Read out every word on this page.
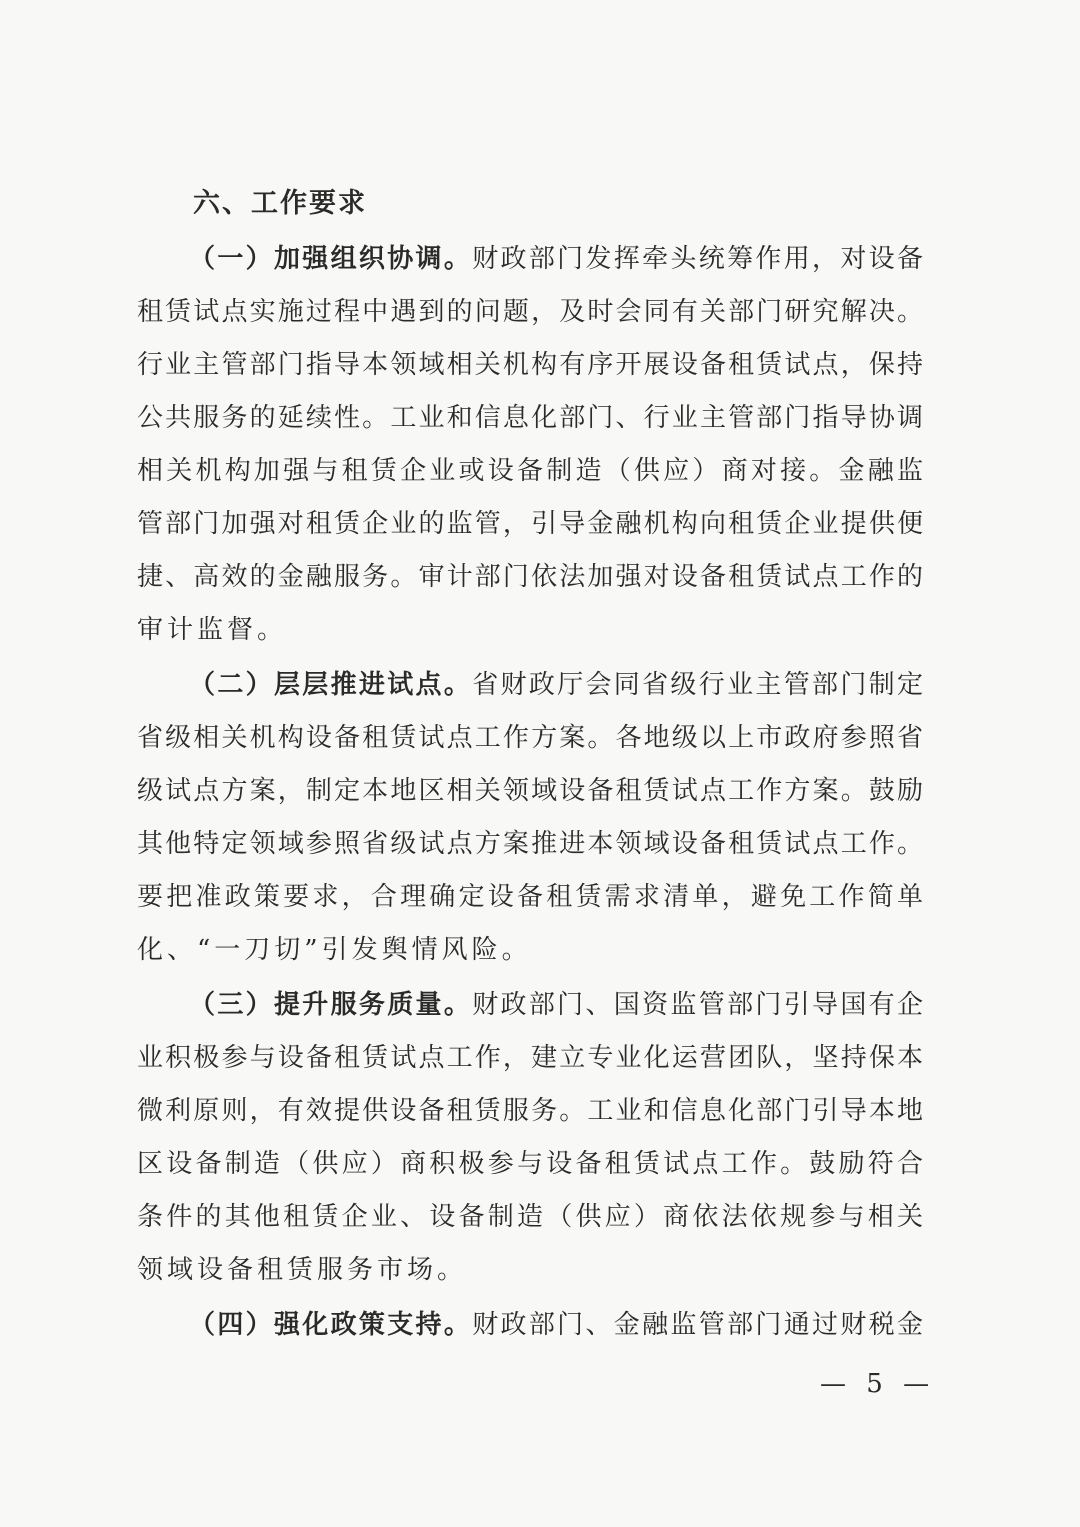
六、工作要求
（一）加强组织协调。财政部门发挥牵头统筹作用，对设备
租赁试点实施过程中遇到的问题，及时会同有关部门研究解决。
行业主管部门指导本领域相关机构有序开展设备租赁试点，保持
公共服务的延续性。工业和信息化部门、行业主管部门指导协调
相关机构加强与租赁企业或设备制造（供应）商对接。金融监
管部门加强对租赁企业的监管，引导金融机构向租赁企业提供便
捷、高效的金融服务。审计部门依法加强对设备租赁试点工作的
审计监督。
（二）层层推进试点。省财政厅会同省级行业主管部门制定
省级相关机构设备租赁试点工作方案。各地级以上市政府参照省
级试点方案，制定本地区相关领域设备租赁试点工作方案。鼓励
其他特定领域参照省级试点方案推进本领域设备租赁试点工作。
要把准政策要求，合理确定设备租赁需求清单，避免工作简单
化、“一刀切”引发舆情风险。
（三）提升服务质量。财政部门、国资监管部门引导国有企
业积极参与设备租赁试点工作，建立专业化运营团队，坚持保本
微利原则，有效提供设备租赁服务。工业和信息化部门引导本地
区设备制造（供应）商积极参与设备租赁试点工作。鼓励符合
条件的其他租赁企业、设备制造（供应）商依法依规参与相关
领域设备租赁服务市场。
（四）强化政策支持。财政部门、金融监管部门通过财税金
— 5 —
